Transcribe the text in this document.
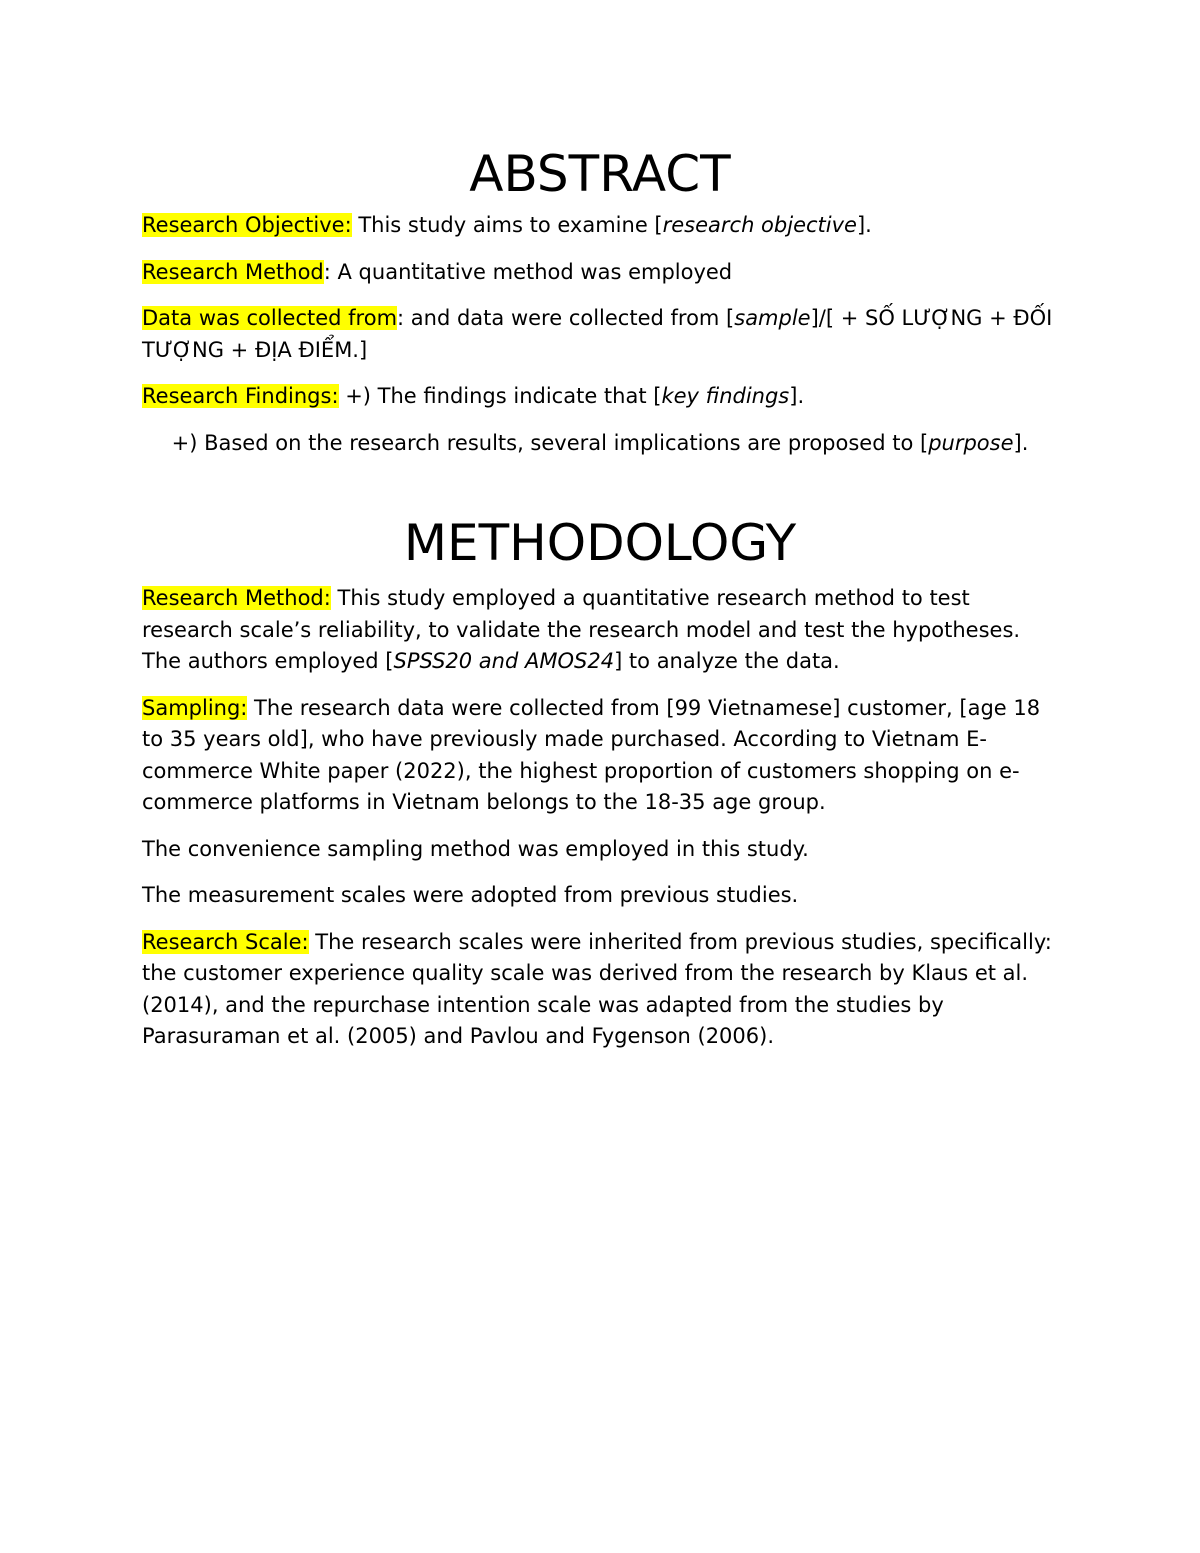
ABSTRACT

Research Objective: This study aims to examine [research objective].

Research Method: A quantitative method was employed

Data was collected from: and data were collected from [sample]/[ + SỐ LƯỢNG + ĐỐI TƯỢNG + ĐỊA ĐIỂM.]

Research Findings: +) The findings indicate that [key findings].

+) Based on the research results, several implications are proposed to [purpose].

METHODOLOGY

Research Method: This study employed a quantitative research method to test research scale’s reliability, to validate the research model and test the hypotheses. The authors employed [SPSS20 and AMOS24] to analyze the data.

Sampling: The research data were collected from [99 Vietnamese] customer, [age 18 to 35 years old], who have previously made purchased. According to Vietnam E-commerce White paper (2022), the highest proportion of customers shopping on e-commerce platforms in Vietnam belongs to the 18-35 age group.

The convenience sampling method was employed in this study.

The measurement scales were adopted from previous studies.

Research Scale: The research scales were inherited from previous studies, specifically: the customer experience quality scale was derived from the research by Klaus et al. (2014), and the repurchase intention scale was adapted from the studies by Parasuraman et al. (2005) and Pavlou and Fygenson (2006).
